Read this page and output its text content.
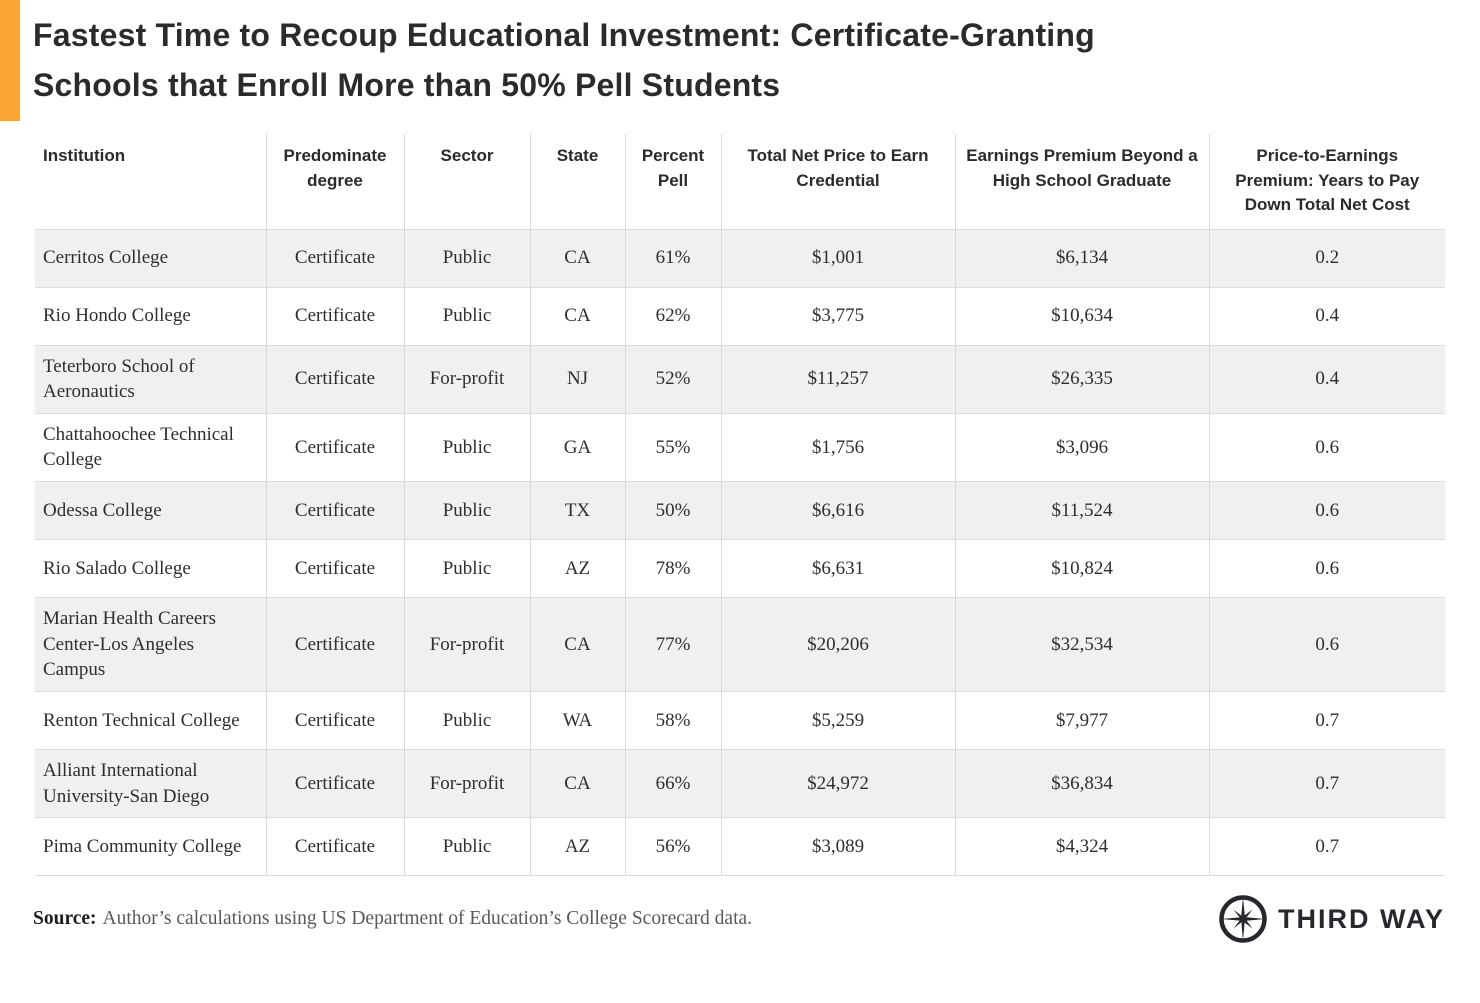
Fastest Time to Recoup Educational Investment: Certificate-Granting
Schools that Enroll More than 50% Pell Students
Institution	Predominate degree	Sector	State	Percent Pell	Total Net Price to Earn Credential	Earnings Premium Beyond a High School Graduate	Price-to-Earnings Premium: Years to Pay Down Total Net Cost
Cerritos College	Certificate	Public	CA	61%	$1,001	$6,134	0.2
Rio Hondo College	Certificate	Public	CA	62%	$3,775	$10,634	0.4
Teterboro School of Aeronautics	Certificate	For-profit	NJ	52%	$11,257	$26,335	0.4
Chattahoochee Technical College	Certificate	Public	GA	55%	$1,756	$3,096	0.6
Odessa College	Certificate	Public	TX	50%	$6,616	$11,524	0.6
Rio Salado College	Certificate	Public	AZ	78%	$6,631	$10,824	0.6
Marian Health Careers Center-Los Angeles Campus	Certificate	For-profit	CA	77%	$20,206	$32,534	0.6
Renton Technical College	Certificate	Public	WA	58%	$5,259	$7,977	0.7
Alliant International University-San Diego	Certificate	For-profit	CA	66%	$24,972	$36,834	0.7
Pima Community College	Certificate	Public	AZ	56%	$3,089	$4,324	0.7
Source: Author’s calculations using US Department of Education’s College Scorecard data.	THIRD WAY
